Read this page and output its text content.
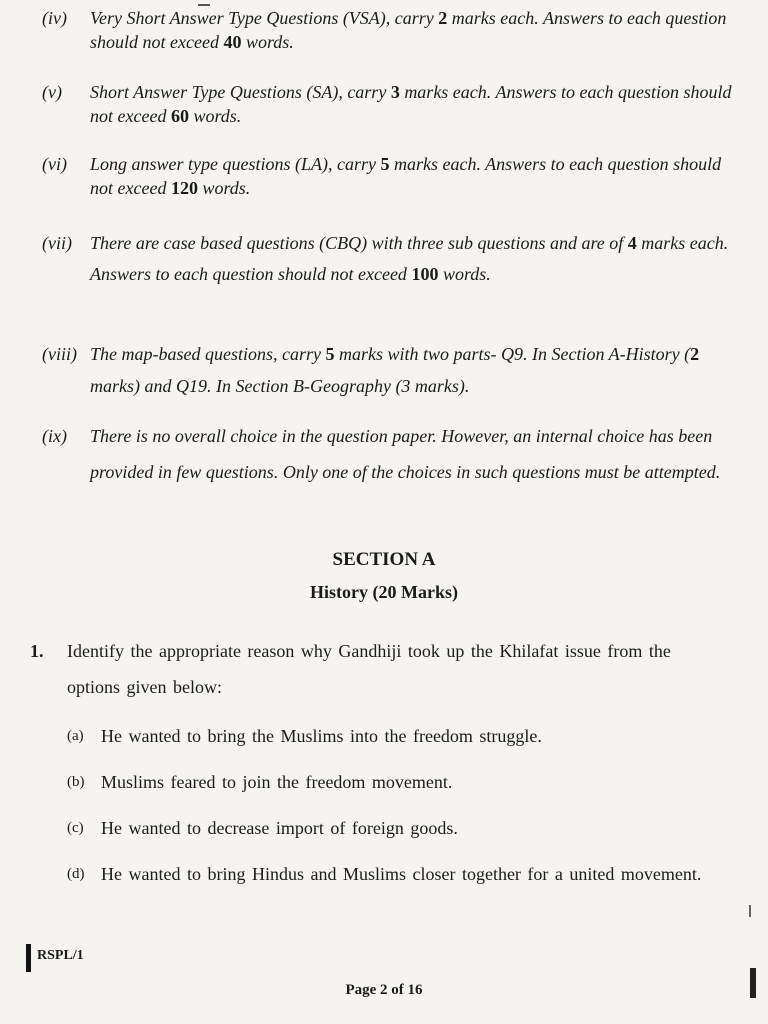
(iv)	Very Short Answer Type Questions (VSA), carry 2 marks each. Answers to each question should not exceed 40 words.
(v)	Short Answer Type Questions (SA), carry 3 marks each. Answers to each question should not exceed 60 words.
(vi)	Long answer type questions (LA), carry 5 marks each. Answers to each question should not exceed 120 words.
(vii)	There are case based questions (CBQ) with three sub questions and are of 4 marks each. Answers to each question should not exceed 100 words.
(viii) The map-based questions, carry 5 marks with two parts- Q9. In Section A-History (2 marks) and Q19. In Section B-Geography (3 marks).
(ix)	There is no overall choice in the question paper. However, an internal choice has been provided in few questions. Only one of the choices in such questions must be attempted.
SECTION A
History (20 Marks)
1. Identify the appropriate reason why Gandhiji took up the Khilafat issue from the options given below:
(a) He wanted to bring the Muslims into the freedom struggle.
(b) Muslims feared to join the freedom movement.
(c) He wanted to decrease import of foreign goods.
(d) He wanted to bring Hindus and Muslims closer together for a united movement.
RSPL/1
Page 2 of 16
